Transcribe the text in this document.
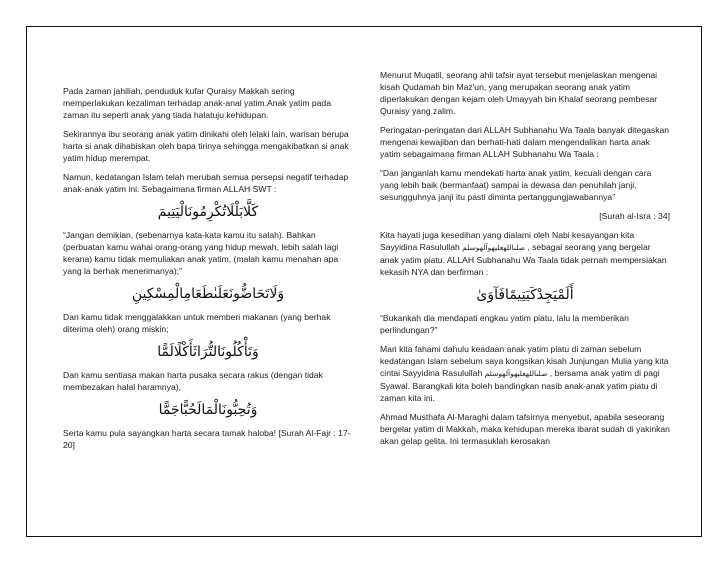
Pada zaman jahiliah, penduduk kufar Quraisy Makkah sering memperlakukan kezaliman terhadap anak-anal yatim.Anak yatim pada zaman itu seperti anak yang tiada halatuju kehidupan.

Sekirannya ibu seorang anak yatim dinikahi oleh lelaki lain, warisan berupa harta si anak dihabiskan oleh bapa tirinya sehingga mengakibatkan si anak yatim hidup merempat.

Namun, kedatangan Islam telah merubah semua persepsi negatif terhadap anak-anak yatim ini. Sebagaimana firman ALLAH SWT :

كَلَّابَلْلَاتُكْرِمُونَالْيَتِيمَ

“Jangan demikian, (sebenarnya kata-kata kamu itu salah). Bahkan (perbuatan kamu wahai orang-orang yang hidup mewah, lebih salah lagi kerana) kamu tidak memuliakan anak yatim, (malah kamu menahan apa yang la berhak menerimanya);”

وَلَاتَحَاضُّونَعَلَىٰطَعَامِالْمِسْكِينِ

Dan kamu tidak menggalakkan untuk memberi makanan (yang berhak diterima oleh) orang miskin;

وَتَأْكُلُونَالتُّرَاثَأَكْلًالَمًّا

Dan kamu sentiasa makan harta pusaka secara rakus (dengan tidak membezakan halal haramnya),

وَتُحِبُّونَالْمَالَحُبًّاجَمًّا

Serta kamu pula sayangkan harta secara tamak haloba! [Surah Al-Fajr : 17-20]

Menurut Muqatil, seorang ahli tafsir ayat tersebut menjelaskan mengenai kisah Qudamah bin Maz'un, yang merupakan seorang anak yatim diperlakukan dengan kejam oleh Umayyah bin Khalaf seorang pembesar Quraisy yang zalim.

Peringatan-peringatan dari ALLAH Subhanahu Wa Taala banyak ditegaskan mengenai kewajiban dan berhati-hati dalam mengendalikan harta anak yatim sebagaimana firman ALLAH Subhanahu Wa Taala :

“Dan janganlah kamu mendekati harta anak yatim, kecuali dengan cara yang lebih baik (bermanfaat) sampai ia dewasa dan penuhilah janji, sesungguhnya janji itu pasti diminta pertanggungjawabannya”

[Surah al-Isra : 34]

Kita hayati juga kesedihan yang dialami oleh Nabi kesayangan kita Sayyidina Rasulullah صلىاللهعليهوآلهوسلم , sebagai seorang yang bergelar anak yatim piatu. ALLAH Subhanahu Wa Taala tidak pernah mempersiakan kekasih NYA dan berfirman :

أَلَمْيَجِدْكَيَتِيمًافَآوَىٰ

“Bukankah dia mendapati engkau yatim piatu, lalu la memberikan perlindungan?”

Mari kita fahami dahulu keadaan anak yatim piatu di zaman sebelum kedatangan Islam sebelum saya kongsikan kisah Junjungan Mulia yang kita cintai Sayyidina Rasulullah صلىاللهعليهوآلهوسلم , bersama anak yatim di pagi Syawal. Barangkali kita boleh bandingkan nasib anak-anak yatim piatu di zaman kita ini.

Ahmad Musthafa Al-Maraghi dalam tafsirnya menyebut, apabila seseorang bergelar yatim di Makkah, maka kehidupan mereka ibarat sudah di yakinkan akan gelap gelita. Ini termasuklah kerosakan
